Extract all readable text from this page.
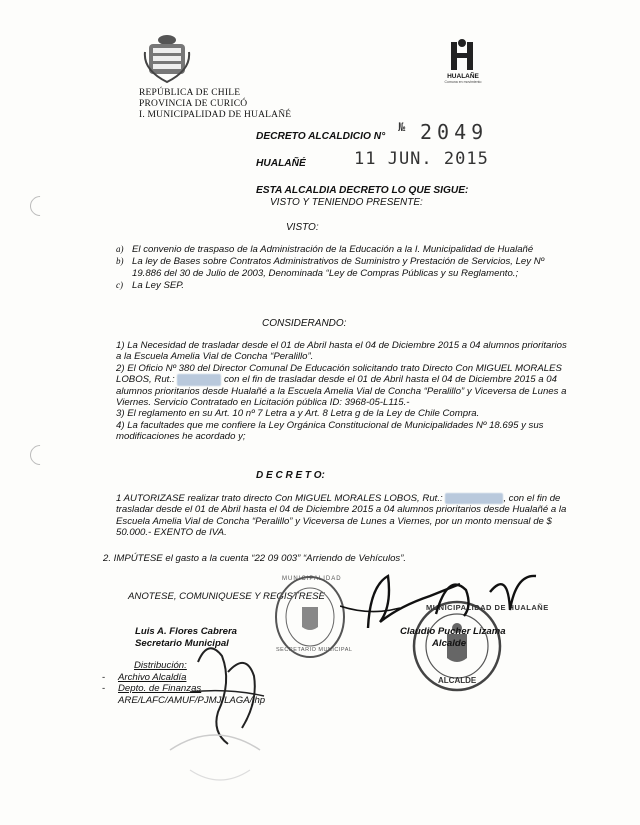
REPÚBLICA DE CHILE
PROVINCIA DE CURICÓ
I. MUNICIPALIDAD DE HUALAÑÉ
HUALAÑE
Comuna en movimiento
DECRETO ALCALDICIO N°
№ 2049
HUALAÑÉ	11 JUN. 2015
ESTA ALCALDIA DECRETO LO QUE SIGUE:
VISTO Y TENIENDO PRESENTE:
VISTO:
a) El convenio de traspaso de la Administración de la Educación a la I. Municipalidad de Hualañé
b) La ley de Bases sobre Contratos Administrativos de Suministro y Prestación de Servicios, Ley Nº 19.886 del 30 de Julio de 2003, Denominada “Ley de Compras Públicas y su Reglamento.;
c) La Ley SEP.
CONSIDERANDO:
1) La Necesidad de trasladar desde el 01 de Abril hasta el 04 de Diciembre 2015 a 04 alumnos prioritarios a la Escuela Amelia Vial de Concha “Peralillo”.
2) El Oficio Nº 380 del Director Comunal De Educación solicitando trato Directo Con MIGUEL MORALES LOBOS, Rut.:	con el fin de trasladar desde el 01 de Abril hasta el 04 de Diciembre 2015 a 04 alumnos prioritarios desde Hualañé a la Escuela Amelia Vial de Concha “Peralillo” y Viceversa de Lunes a Viernes. Servicio Contratado en Licitación pública ID: 3968-05-L115.-
3) El reglamento en su Art. 10 nº 7 Letra a y Art. 8 Letra g de la Ley de Chile Compra.
4) La facultades que me confiere la Ley Orgánica Constitucional de Municipalidades Nº 18.695 y sus modificaciones he acordado y;
D E C R E T O:
1 AUTORIZASE realizar trato directo Con MIGUEL MORALES LOBOS, Rut.:	, con el fin de trasladar desde el 01 de Abril hasta el 04 de Diciembre 2015 a 04 alumnos prioritarios desde Hualañé a la Escuela Amelia Vial de Concha “Peralillo” y Viceversa de Lunes a Viernes, por un monto mensual de $ 50.000.- EXENTO de IVA.
2. IMPÚTESE el gasto a la cuenta “22 09 003” “Arriendo de Vehículos”.
ANOTESE, COMUNIQUESE Y REGISTRESE
MUNICIPALIDAD
SECRETARIO MUNICIPAL
MUNICIPALIDAD DE HUALAÑE
ALCALDE
Luis A. Flores Cabrera
Secretario Municipal
Claudio Pucher Lizama
Alcalde
Distribución:
-	Archivo Alcaldía
-	Depto. de Finanzas
ARE/LAFC/AMUF/PJMJ/LAGA/jhp
